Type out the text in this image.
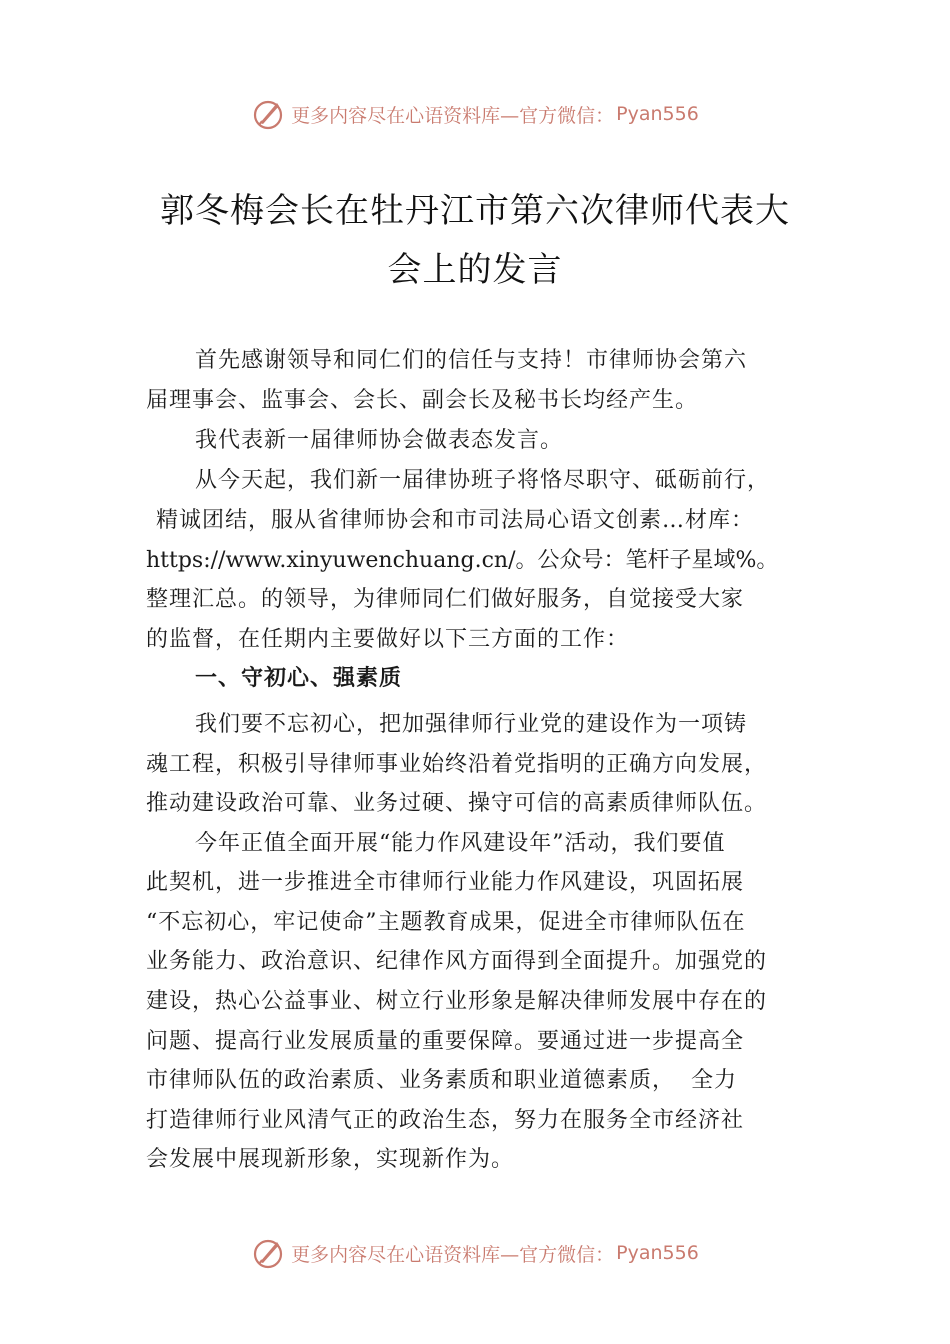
更多内容尽在心语资料库—官方微信： Pyan556
郭冬梅会长在牡丹江市第六次律师代表大
会上的发言
首先感谢领导和同仁们的信任与支持！市律师协会第六
届理事会、监事会、会长、副会长及秘书长均经产生。
我代表新一届律师协会做表态发言。
从今天起，我们新一届律协班子将恪尽职守、砥砺前行，
精诚团结，服从省律师协会和市司法局心语文创素…材库：
https://www.xinyuwenchuang.cn/。公众号：笔杆子星域%。
整理汇总。的领导，为律师同仁们做好服务，自觉接受大家
的监督，在任期内主要做好以下三方面的工作：
一、守初心、强素质
我们要不忘初心，把加强律师行业党的建设作为一项铸
魂工程，积极引导律师事业始终沿着党指明的正确方向发展，
推动建设政治可靠、业务过硬、操守可信的高素质律师队伍。
今年正值全面开展“能力作风建设年”活动，我们要值
此契机，进一步推进全市律师行业能力作风建设，巩固拓展
“不忘初心，牢记使命”主题教育成果，促进全市律师队伍在
业务能力、政治意识、纪律作风方面得到全面提升。加强党的
建设，热心公益事业、树立行业形象是解决律师发展中存在的
问题、提高行业发展质量的重要保障。要通过进一步提高全
市律师队伍的政治素质、业务素质和职业道德素质，  全力
打造律师行业风清气正的政治生态，努力在服务全市经济社
会发展中展现新形象，实现新作为。
更多内容尽在心语资料库—官方微信： Pyan556
